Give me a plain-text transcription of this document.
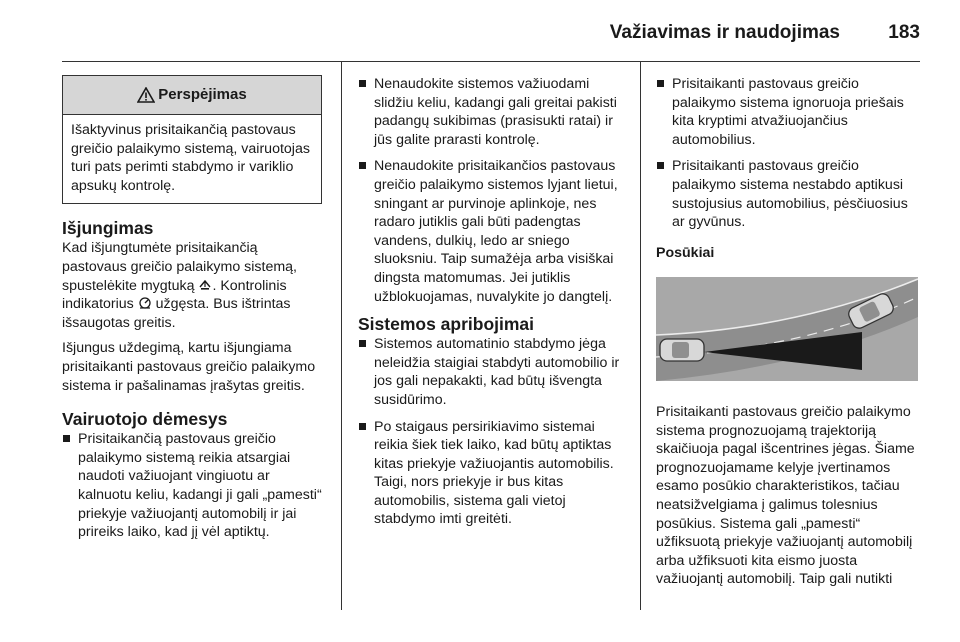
Važiavimas ir naudojimas	183
Perspėjimas
Išaktyvinus prisitaikančią pastovaus greičio palaikymo sistemą, vairuotojas turi pats perimti stabdymo ir variklio apsukų kontrolę.
Išjungimas

Kad išjungtumėte prisitaikančią pastovaus greičio palaikymo sistemą, spustelėkite mygtuką . Kontrolinis indikatorius užgęsta. Bus ištrintas išsaugotas greitis.

Išjungus uždegimą, kartu išjungiama prisitaikanti pastovaus greičio palaikymo sistema ir pašalinamas įrašytas greitis.

Vairuotojo dėmesys
Prisitaikančią pastovaus greičio palaikymo sistemą reikia atsargiai naudoti važiuojant vingiuotu ar kalnuotu keliu, kadangi ji gali „pamesti“ priekyje važiuojantį automobilį ir jai prireiks laiko, kad jį vėl aptiktų.
Nenaudokite sistemos važiuodami slidžiu keliu, kadangi gali greitai pakisti padangų sukibimas (prasisukti ratai) ir jūs galite prarasti kontrolę.
Nenaudokite prisitaikančios pastovaus greičio palaikymo sistemos lyjant lietui, sningant ar purvinoje aplinkoje, nes radaro jutiklis gali būti padengtas vandens, dulkių, ledo ar sniego sluoksniu. Taip sumažėja arba visiškai dingsta matomumas. Jei jutiklis užblokuojamas, nuvalykite jo dangtelį.
Sistemos apribojimai
Sistemos automatinio stabdymo jėga neleidžia staigiai stabdyti automobilio ir jos gali nepakakti, kad būtų išvengta susidūrimo.
Po staigaus persirikiavimo sistemai reikia šiek tiek laiko, kad būtų aptiktas kitas priekyje važiuojantis automobilis. Taigi, nors priekyje ir bus kitas automobilis, sistema gali vietoj stabdymo imti greitėti.
Prisitaikanti pastovaus greičio palaikymo sistema ignoruoja priešais kita kryptimi atvažiuojančius automobilius.
Prisitaikanti pastovaus greičio palaikymo sistema nestabdo aptikusi sustojusius automobilius, pėsčiuosius ar gyvūnus.
Posūkiai

Prisitaikanti pastovaus greičio palaikymo sistema prognozuojamą trajektoriją skaičiuoja pagal išcentrines jėgas. Šiame prognozuojamame kelyje įvertinamos esamo posūkio charakteristikos, tačiau neatsižvelgiama į galimus tolesnius posūkius. Sistema gali „pamesti“ užfiksuotą priekyje važiuojantį automobilį arba užfiksuoti kita eismo juosta važiuojantį automobilį. Taip gali nutikti
